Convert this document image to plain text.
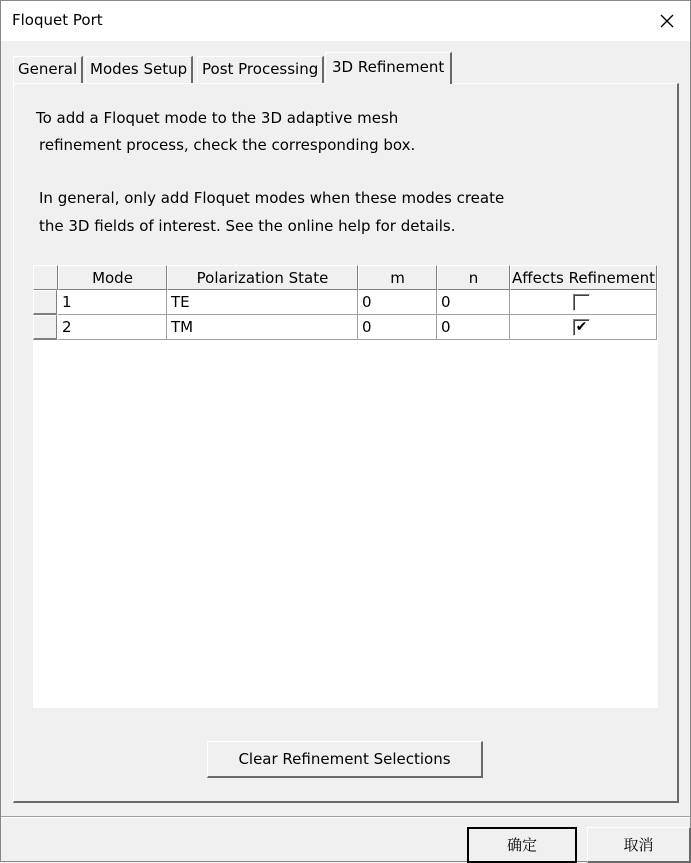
Floquet Port
General Modes Setup Post Processing 3D Refinement
To add a Floquet mode to the 3D adaptive mesh
refinement process, check the corresponding box.
In general, only add Floquet modes when these modes create
the 3D fields of interest. See the online help for details.
Mode	Polarization State	m	n	Affects Refinement
1	TE	0	0
2	TM	0	0	✔
Clear Refinement Selections
确定	取消
